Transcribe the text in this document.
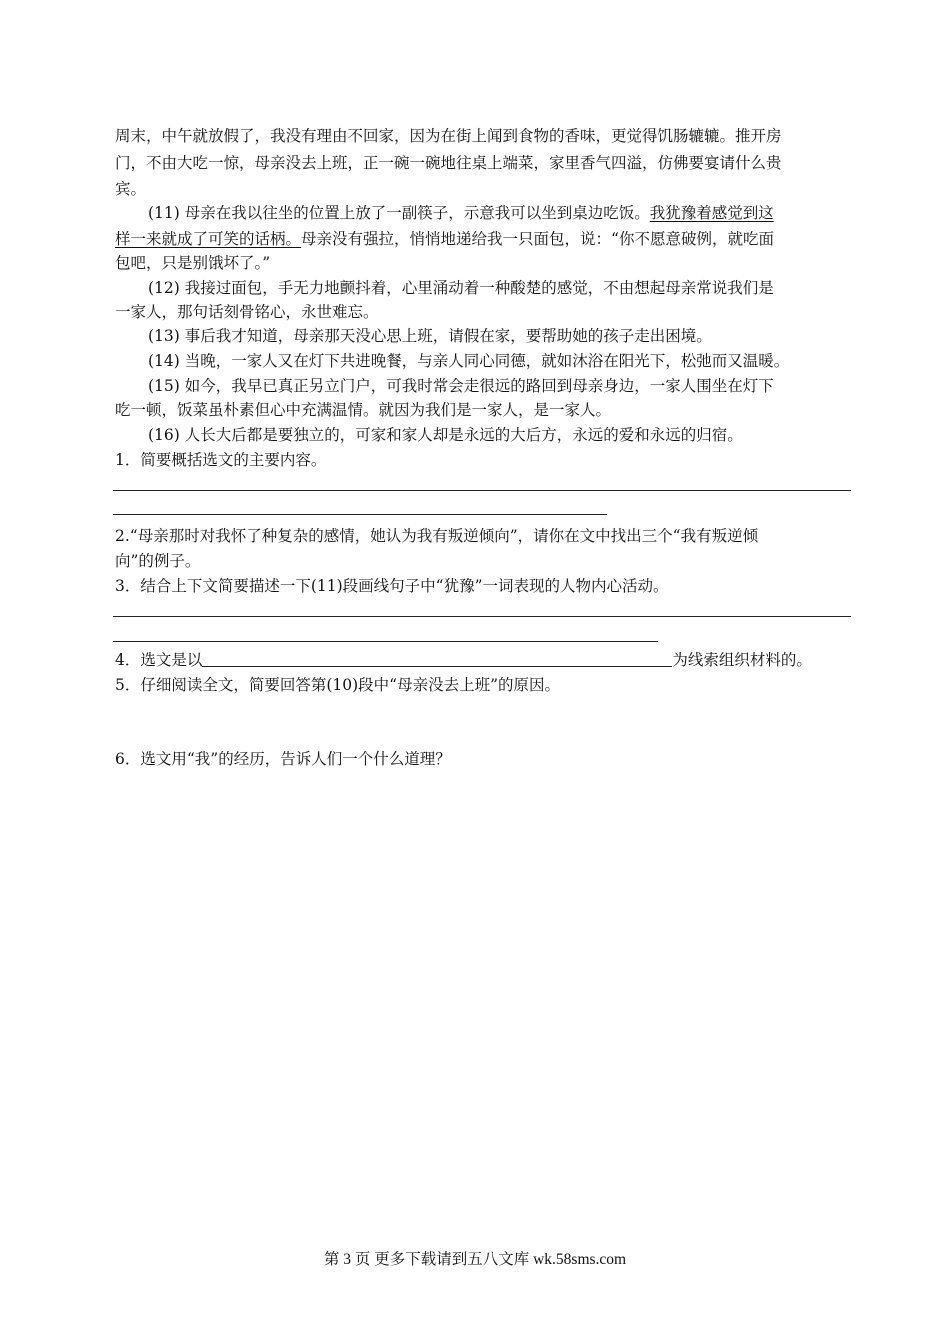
周末，中午就放假了，我没有理由不回家，因为在街上闻到食物的香味，更觉得饥肠辘辘。推开房
门，不由大吃一惊，母亲没去上班，正一碗一碗地往桌上端菜，家里香气四溢，仿佛要宴请什么贵
宾。
(11) 母亲在我以往坐的位置上放了一副筷子，示意我可以坐到桌边吃饭。我犹豫着感觉到这
样一来就成了可笑的话柄。母亲没有强拉，悄悄地递给我一只面包，说：“你不愿意破例，就吃面
包吧，只是别饿坏了。”
(12) 我接过面包，手无力地颤抖着，心里涌动着一种酸楚的感觉，不由想起母亲常说我们是
一家人，那句话刻骨铭心，永世难忘。
(13) 事后我才知道，母亲那天没心思上班，请假在家，要帮助她的孩子走出困境。
(14) 当晚，一家人又在灯下共进晚餐，与亲人同心同德，就如沐浴在阳光下，松弛而又温暖。
(15) 如今，我早已真正另立门户，可我时常会走很远的路回到母亲身边，一家人围坐在灯下
吃一顿，饭菜虽朴素但心中充满温情。就因为我们是一家人，是一家人。
(16) 人长大后都是要独立的，可家和家人却是永远的大后方，永远的爱和永远的归宿。
1．简要概括选文的主要内容。
2.“母亲那时对我怀了种复杂的感情，她认为我有叛逆倾向”，请你在文中找出三个“我有叛逆倾
向”的例子。
3．结合上下文简要描述一下(11)段画线句子中“犹豫”一词表现的人物内心活动。
4．选文是以	为线索组织材料的。
5．仔细阅读全文，简要回答第(10)段中“母亲没去上班”的原因。
6．选文用“我”的经历，告诉人们一个什么道理？
第 3 页 更多下载请到五八文库 wk.58sms.com
